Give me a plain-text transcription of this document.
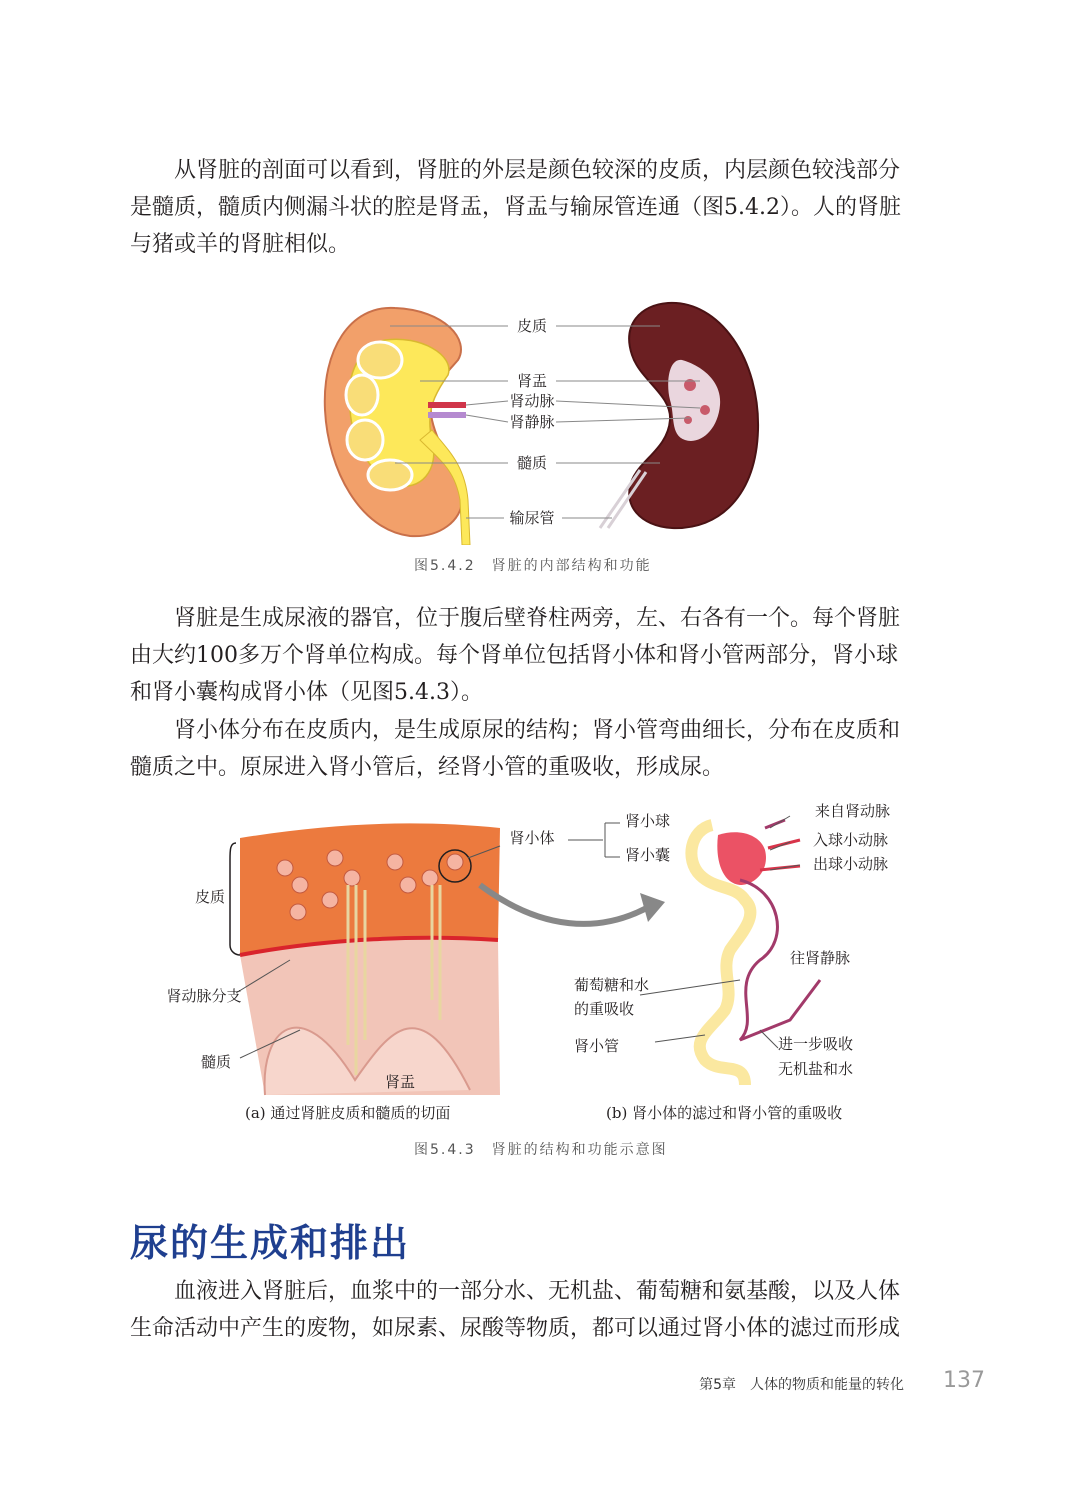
从肾脏的剖面可以看到，肾脏的外层是颜色较深的皮质，内层颜色较浅部分
是髓质，髓质内侧漏斗状的腔是肾盂，肾盂与输尿管连通（图5.4.2）。人的肾脏
与猪或羊的肾脏相似。
皮质
肾盂
肾动脉
肾静脉
髓质
输尿管
图5.4.2　肾脏的内部结构和功能
肾脏是生成尿液的器官，位于腹后壁脊柱两旁，左、右各有一个。每个肾脏
由大约100多万个肾单位构成。每个肾单位包括肾小体和肾小管两部分，肾小球
和肾小囊构成肾小体（见图5.4.3）。
肾小体分布在皮质内，是生成原尿的结构；肾小管弯曲细长，分布在皮质和
髓质之中。原尿进入肾小管后，经肾小管的重吸收，形成尿。
肾小体
皮质
肾动脉分支
髓质
肾盂
肾小球
肾小囊
来自肾动脉
入球小动脉
出球小动脉
往肾静脉
葡萄糖和水
的重吸收
肾小管	进一步吸收
无机盐和水
(a) 通过肾脏皮质和髓质的切面	(b) 肾小体的滤过和肾小管的重吸收
图5.4.3　肾脏的结构和功能示意图
尿的生成和排出
血液进入肾脏后，血浆中的一部分水、无机盐、葡萄糖和氨基酸，以及人体
生命活动中产生的废物，如尿素、尿酸等物质，都可以通过肾小体的滤过而形成
第5章　人体的物质和能量的转化 137
